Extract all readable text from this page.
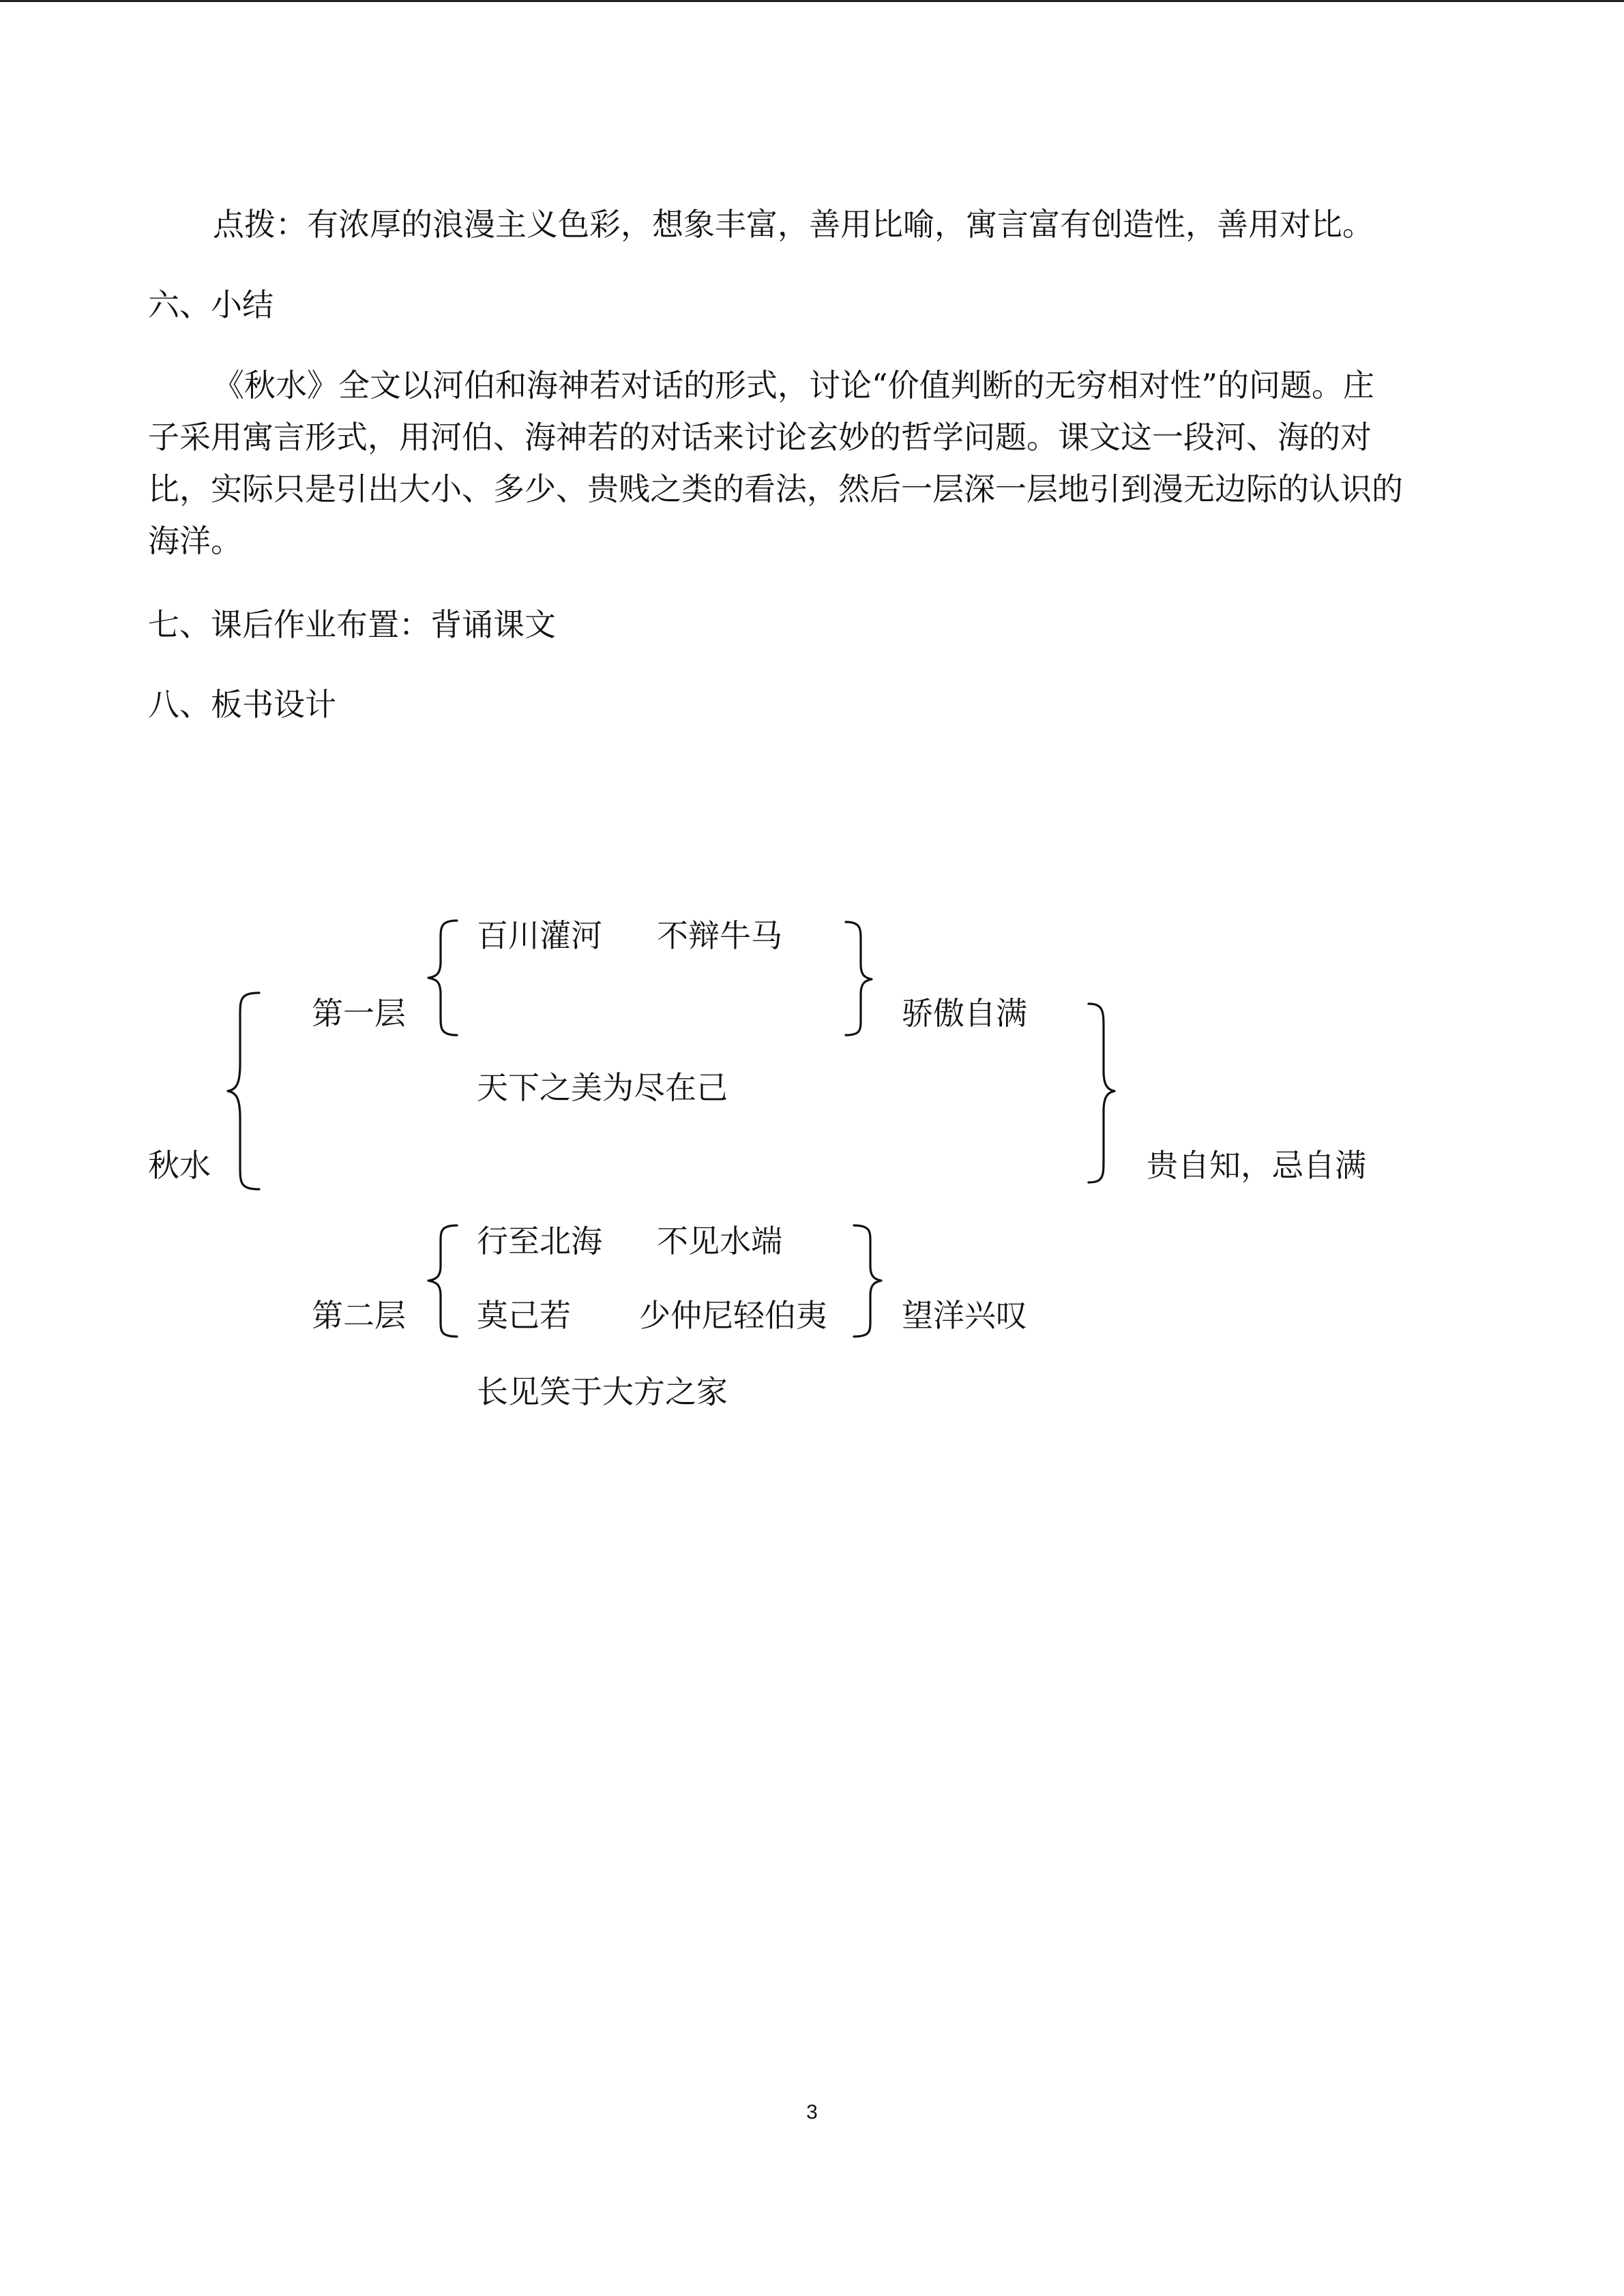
点拨：有浓厚的浪漫主义色彩，想象丰富，善用比喻，寓言富有创造性，善用对比。
六、小结
《秋水》全文以河伯和海神若对话的形式，讨论“价值判断的无穷相对性”的问题。庄
子采用寓言形式，用河伯、海神若的对话来讨论玄妙的哲学问题。课文这一段河、海的对
比，实际只是引出大小、多少、贵贱之类的看法，然后一层深一层地引到漫无边际的认识的
海洋。
七、课后作业布置：背诵课文
八、板书设计
秋水
第一层
百川灌河 不辩牛马
天下之美为尽在己
骄傲自满
贵自知，忌自满
第二层
行至北海 不见水端
莫己若 少仲尼轻伯夷
长见笑于大方之家
望洋兴叹
3
